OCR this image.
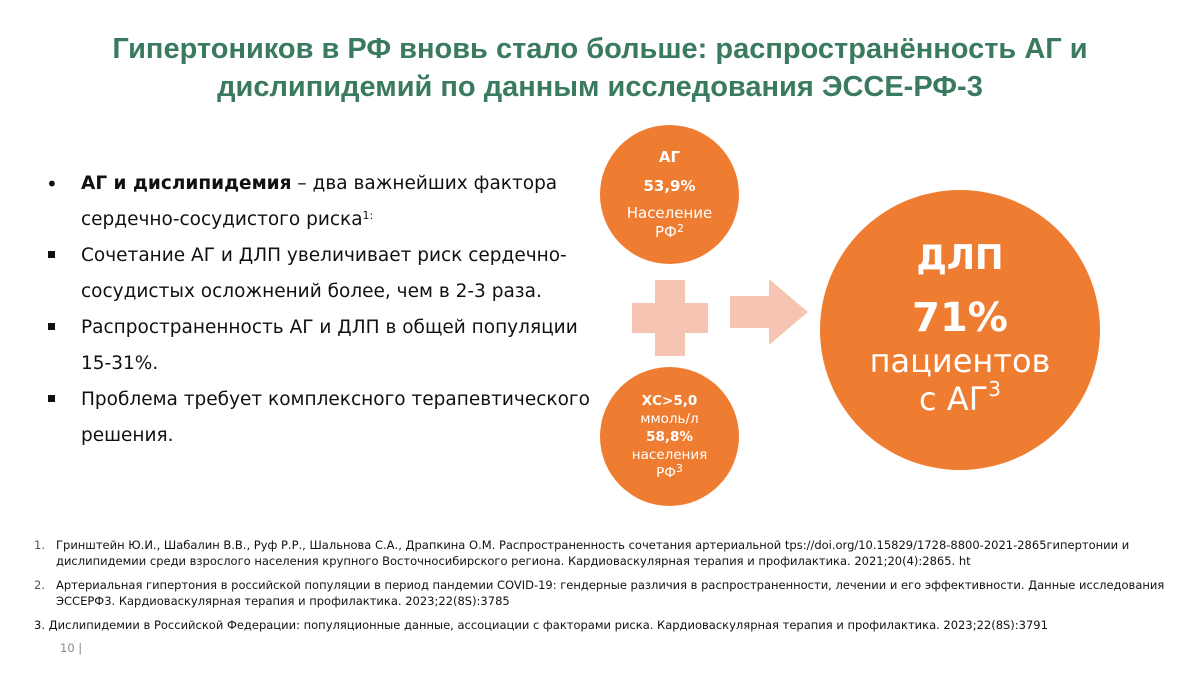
Гипертоников в РФ вновь стало больше: распространённость АГ и
дислипидемий по данным исследования ЭССЕ-РФ-3
•
АГ и дислипидемия – два важнейших фактора
сердечно-сосудистого риска$^{1:}$
Сочетание АГ и ДЛП увеличивает риск сердечно-
сосудистых осложнений более, чем в 2-3 раза.
Распространенность АГ и ДЛП в общей популяции
15-31%.
Проблема требует комплексного терапевтического
решения.
АГ
53,9%
Население
$РФ^2$
ХС>5,0
ммоль/л
58,8%
населения
$РФ^3$
ДЛП
71%
пациентов
с $АГ^3$
1. Гринштейн Ю.И., Шабалин В.В., Руф Р.Р., Шальнова С.А., Драпкина О.М. Распространенность сочетания артериальной tps://doi.org/10.15829/1728-8800-2021-2865гипертонии и
дислипидемии среди взрослого населения крупного Восточносибирского региона. Кардиоваскулярная терапия и профилактика. 2021;20(4):2865. ht
2. Артериальная гипертония в российской популяции в период пандемии COVID-19: гендерные различия в распространенности, лечении и его эффективности. Данные исследования
ЭССЕРФ3. Кардиоваскулярная терапия и профилактика. 2023;22(8S):3785
3. Дислипидемии в Российской Федерации: популяционные данные, ассоциации с факторами риска. Кардиоваскулярная терапия и профилактика. 2023;22(8S):3791
10 |
